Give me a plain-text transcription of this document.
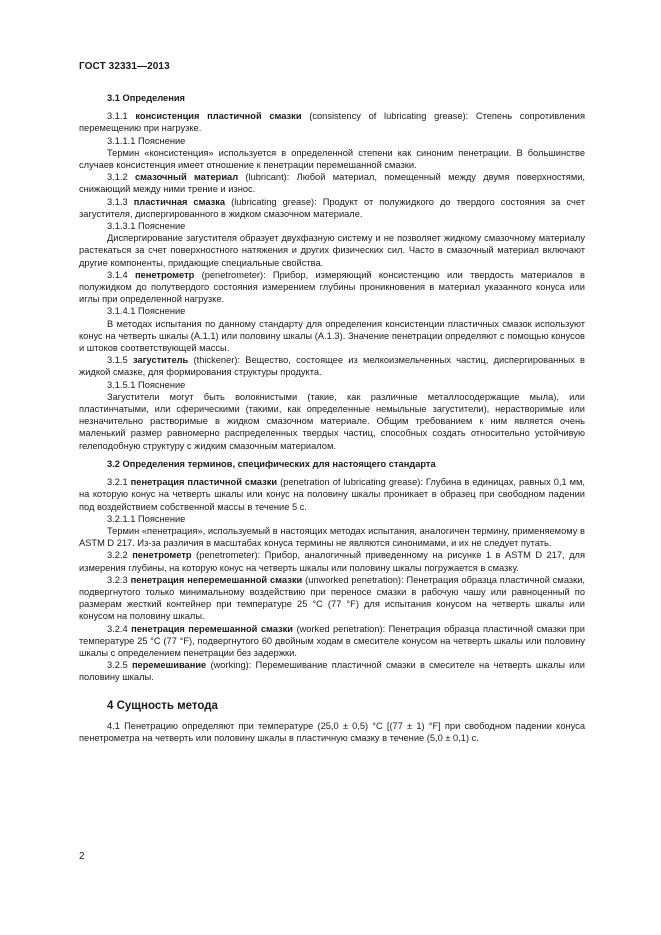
ГОСТ 32331—2013
3.1 Определения

3.1.1 консистенция пластичной смазки (consistency of lubricating grease): Степень сопротивления перемещению при нагрузке.

3.1.1.1 Пояснение

Термин «консистенция» используется в определенной степени как синоним пенетрации. В большинстве случаев консистенция имеет отношение к пенетрации перемешанной смазки.

3.1.2 смазочный материал (lubricant): Любой материал, помещенный между двумя поверхностями, снижающий между ними трение и износ.

3.1.3 пластичная смазка (lubricating grease): Продукт от полужидкого до твердого состояния за счет загустителя, диспергированного в жидком смазочном материале.

3.1.3.1 Пояснение

Диспергирование загустителя образует двухфазную систему и не позволяет жидкому смазочному материалу растекаться за счет поверхностного натяжения и других физических сил. Часто в смазочный материал включают другие компоненты, придающие специальные свойства.

3.1.4 пенетрометр (penetrometer): Прибор, измеряющий консистенцию или твердость материалов в полужидком до полутвердого состояния измерением глубины проникновения в материал указанного конуса или иглы при определенной нагрузке.

3.1.4.1 Пояснение

В методах испытания по данному стандарту для определения консистенции пластичных смазок используют конус на четверть шкалы (А.1.1) или половину шкалы (А.1.3). Значение пенетрации определяют с помощью конусов и штоков соответствующей массы.

3.1.5 загуститель (thickener): Вещество, состоящее из мелкоизмельченных частиц, диспергированных в жидкой смазке, для формирования структуры продукта.

3.1.5.1 Пояснение

Загустители могут быть волокнистыми (такие, как различные металлосодержащие мыла), или пластинчатыми, или сферическими (такими, как определенные немыльные загустители), нерастворимые или незначительно растворимые в жидком смазочном материале. Общим требованием к ним является очень маленький размер равномерно распределенных твердых частиц, способных создать относительно устойчивую гелеподобную структуру с жидким смазочным материалом.

3.2 Определения терминов, специфических для настоящего стандарта

3.2.1 пенетрация пластичной смазки (penetration of lubricating grease): Глубина в единицах, равных 0,1 мм, на которую конус на четверть шкалы или конус на половину шкалы проникает в образец при свободном падении под воздействием собственной массы в течение 5 с.

3.2.1.1 Пояснение

Термин «пенетрация», используемый в настоящих методах испытания, аналогичен термину, применяемому в ASTM D 217. Из-за различия в масштабах конуса термины не являются синонимами, и их не следует путать.

3.2.2 пенетрометр (penetrometer): Прибор, аналогичный приведенному на рисунке 1 в ASTM D 217, для измерения глубины, на которую конус на четверть шкалы или половину шкалы погружается в смазку.

3.2.3 пенетрация неперемешанной смазки (unworked penetration): Пенетрация образца пластичной смазки, подвергнутого только минимальному воздействию при переносе смазки в рабочую чашу или равноценный по размерам жесткий контейнер при температуре 25 °С (77 °F) для испытания конусом на четверть шкалы или конусом на половину шкалы.

3.2.4 пенетрация перемешанной смазки (worked penetration): Пенетрация образца пластичной смазки при температуре 25 °С (77 °F), подвергнутого 60 двойным ходам в смесителе конусом на четверть шкалы или половину шкалы с определением пенетрации без задержки.

3.2.5 перемешивание (working): Перемешивание пластичной смазки в смесителе на четверть шкалы или половину шкалы.

4 Сущность метода

4.1 Пенетрацию определяют при температуре (25,0 ± 0,5) °С [(77 ± 1) °F] при свободном падении конуса пенетрометра на четверть или половину шкалы в пластичную смазку в течение (5,0 ± 0,1) с.

2
